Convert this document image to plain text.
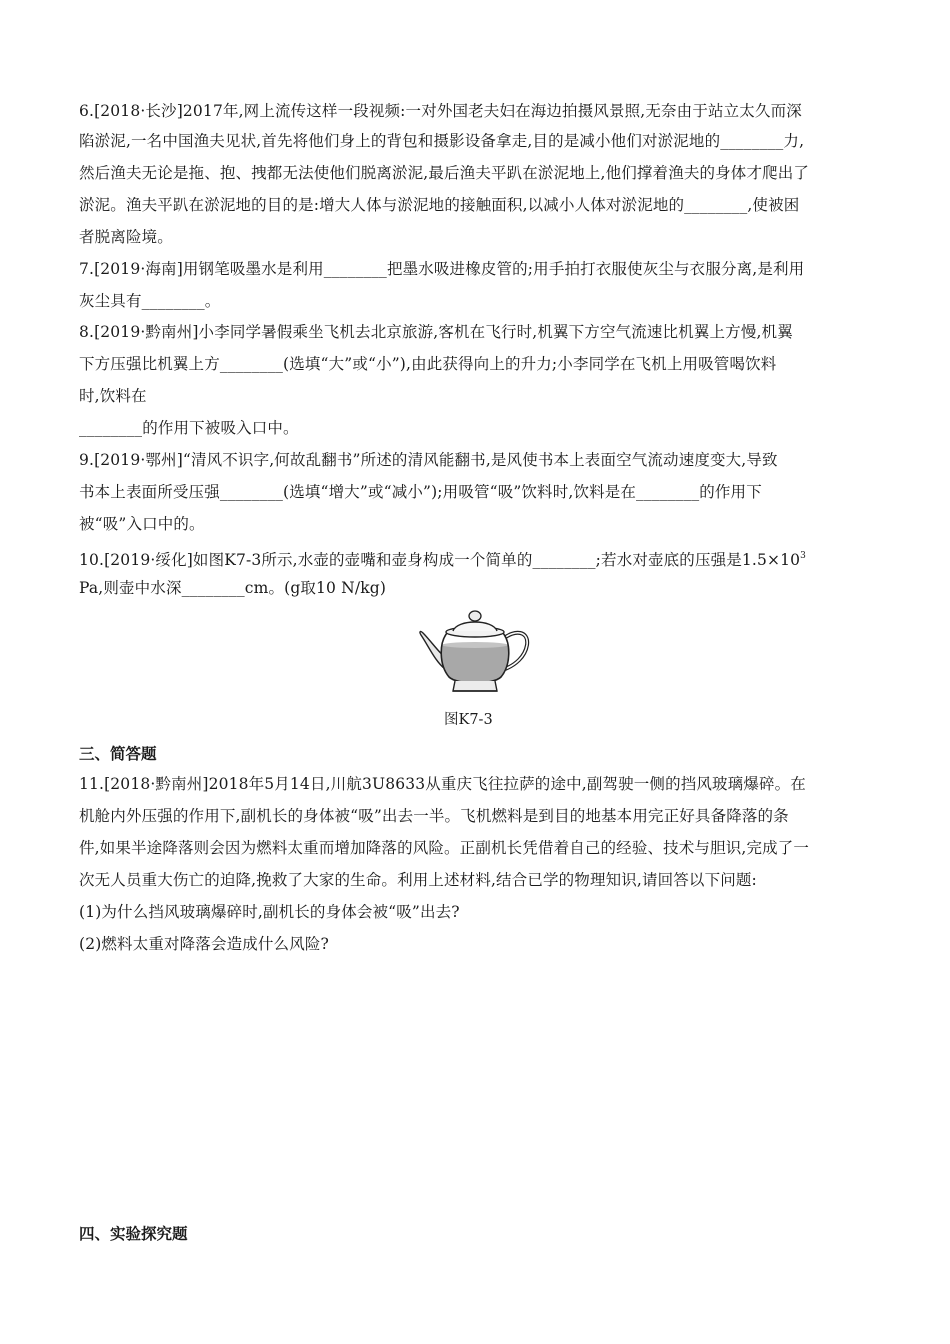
6.[2018·长沙]2017年,网上流传这样一段视频:一对外国老夫妇在海边拍摄风景照,无奈由于站立太久而深
陷淤泥,一名中国渔夫见状,首先将他们身上的背包和摄影设备拿走,目的是减小他们对淤泥地的________力,
然后渔夫无论是拖、抱、拽都无法使他们脱离淤泥,最后渔夫平趴在淤泥地上,他们撑着渔夫的身体才爬出了
淤泥。渔夫平趴在淤泥地的目的是:增大人体与淤泥地的接触面积,以减小人体对淤泥地的________,使被困
者脱离险境。
7.[2019·海南]用钢笔吸墨水是利用________把墨水吸进橡皮管的;用手拍打衣服使灰尘与衣服分离,是利用
灰尘具有________。
8.[2019·黔南州]小李同学暑假乘坐飞机去北京旅游,客机在飞行时,机翼下方空气流速比机翼上方慢,机翼
下方压强比机翼上方________(选填“大”或“小”),由此获得向上的升力;小李同学在飞机上用吸管喝饮料
时,饮料在
________的作用下被吸入口中。
9.[2019·鄂州]“清风不识字,何故乱翻书”所述的清风能翻书,是风使书本上表面空气流动速度变大,导致
书本上表面所受压强________(选填“增大”或“减小”);用吸管“吸”饮料时,饮料是在________的作用下
被“吸”入口中的。
10.[2019·绥化]如图K7-3所示,水壶的壶嘴和壶身构成一个简单的________;若水对壶底的压强是$1.5\times 10^3$
Pa,则壶中水深________cm。(g取10 N/kg)
图K7-3
三、简答题
11.[2018·黔南州]2018年5月14日,川航3U8633从重庆飞往拉萨的途中,副驾驶一侧的挡风玻璃爆碎。在
机舱内外压强的作用下,副机长的身体被“吸”出去一半。飞机燃料是到目的地基本用完正好具备降落的条
件,如果半途降落则会因为燃料太重而增加降落的风险。正副机长凭借着自己的经验、技术与胆识,完成了一
次无人员重大伤亡的迫降,挽救了大家的生命。利用上述材料,结合已学的物理知识,请回答以下问题:
(1)为什么挡风玻璃爆碎时,副机长的身体会被“吸”出去?
(2)燃料太重对降落会造成什么风险?
四、实验探究题
